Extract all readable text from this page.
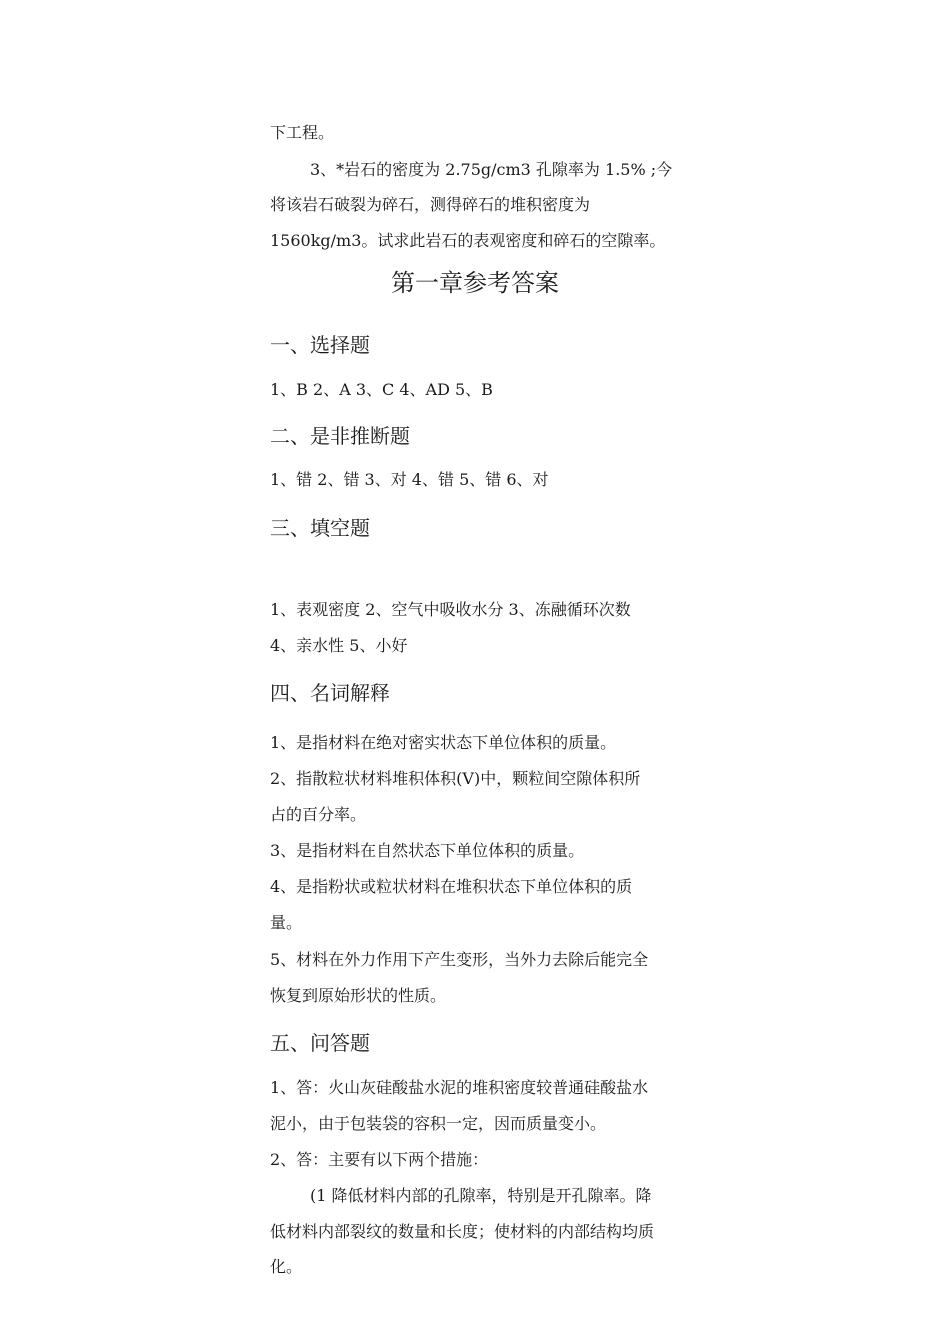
下工程。
3、*岩石的密度为 2.75g/cm3 孔隙率为 1.5% ;今
将该岩石破裂为碎石，测得碎石的堆积密度为
1560kg/m3。试求此岩石的表观密度和碎石的空隙率。
第一章参考答案
一、选择题
1、B 2、A 3、C 4、AD 5、B
二、是非推断题
1、错 2、错 3、对 4、错 5、错 6、对
三、填空题
1、表观密度 2、空气中吸收水分 3、冻融循环次数
4、亲水性 5、小好
四、名词解释
1、是指材料在绝对密实状态下单位体积的质量。
2、指散粒状材料堆积体积(V)中，颗粒间空隙体积所
占的百分率。
3、是指材料在自然状态下单位体积的质量。
4、是指粉状或粒状材料在堆积状态下单位体积的质
量。
5、材料在外力作用下产生变形，当外力去除后能完全
恢复到原始形状的性质。
五、问答题
1、答：火山灰硅酸盐水泥的堆积密度较普通硅酸盐水
泥小，由于包装袋的容积一定，因而质量变小。
2、答：主要有以下两个措施：
(1 降低材料内部的孔隙率，特别是开孔隙率。降
低材料内部裂纹的数量和长度；使材料的内部结构均质
化。
